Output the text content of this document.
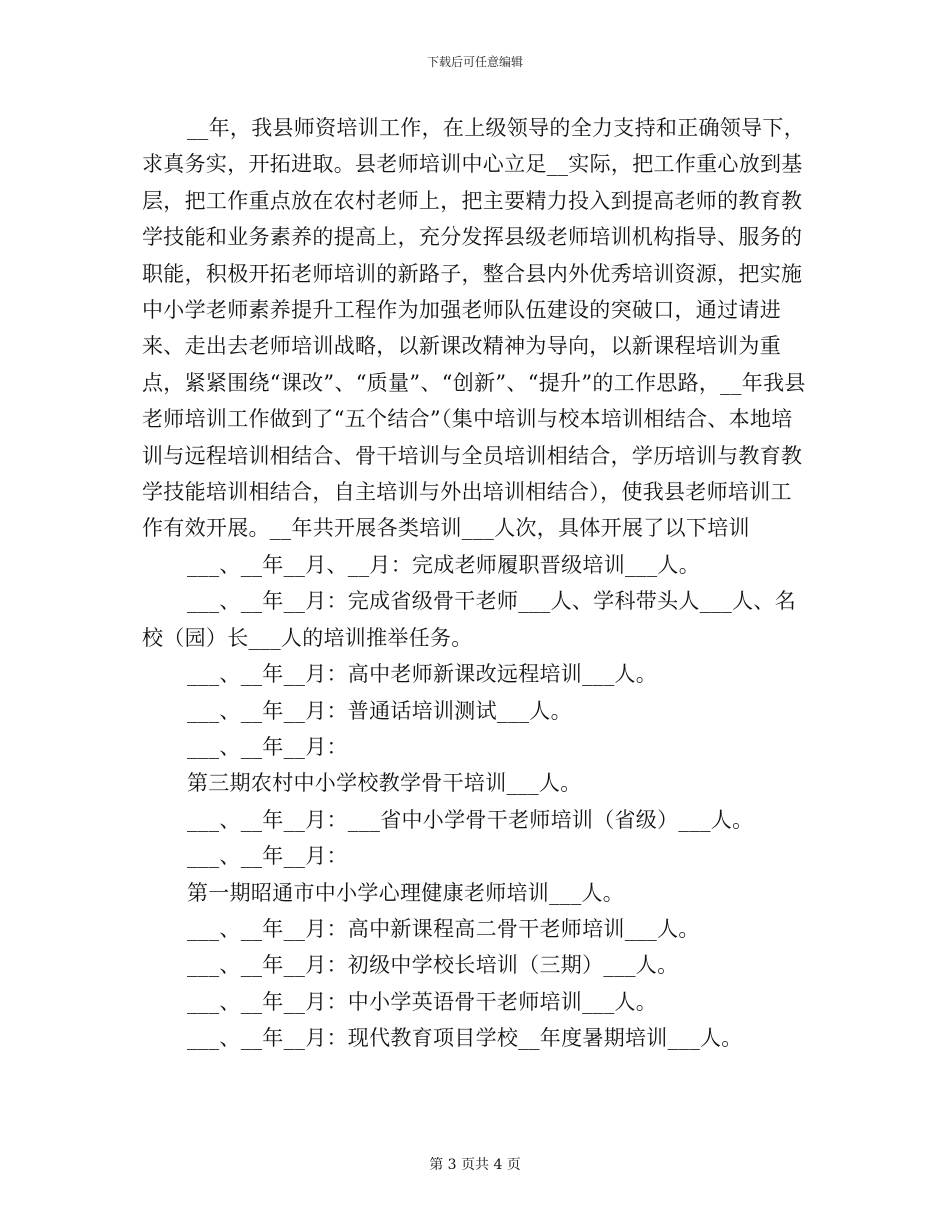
下载后可任意编辑

__年，我县师资培训工作，在上级领导的全力支持和正确领导下，求真务实，开拓进取。县老师培训中心立足__实际，把工作重心放到基层，把工作重点放在农村老师上，把主要精力投入到提高老师的教育教学技能和业务素养的提高上，充分发挥县级老师培训机构指导、服务的职能，积极开拓老师培训的新路子，整合县内外优秀培训资源，把实施中小学老师素养提升工程作为加强老师队伍建设的突破口，通过请进来、走出去老师培训战略，以新课改精神为导向，以新课程培训为重点，紧紧围绕“课改”、“质量”、“创新”、“提升”的工作思路，__年我县老师培训工作做到了“五个结合”（集中培训与校本培训相结合、本地培训与远程培训相结合、骨干培训与全员培训相结合，学历培训与教育教学技能培训相结合，自主培训与外出培训相结合），使我县老师培训工作有效开展。__年共开展各类培训___人次，具体开展了以下培训

___、__年__月、__月：完成老师履职晋级培训___人。

___、__年__月：完成省级骨干老师___人、学科带头人___人、名校（园）长___人的培训推举任务。

___、__年__月：高中老师新课改远程培训___人。

___、__年__月：普通话培训测试___人。

___、__年__月：

第三期农村中小学校教学骨干培训___人。

___、__年__月：___省中小学骨干老师培训（省级）___人。

___、__年__月：

第一期昭通市中小学心理健康老师培训___人。

___、__年__月：高中新课程高二骨干老师培训___人。

___、__年__月：初级中学校长培训（三期）___人。

___、__年__月：中小学英语骨干老师培训___人。

___、__年__月：现代教育项目学校__年度暑期培训___人。

第 3 页共 4 页
